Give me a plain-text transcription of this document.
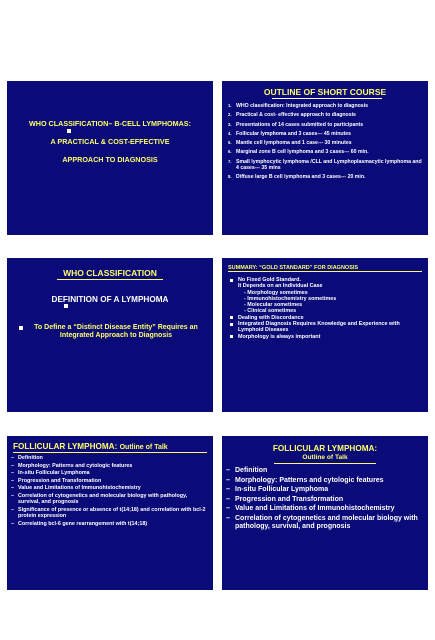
WHO CLASSIFICATION– B-CELL LYMPHOMAS:
A PRACTICAL & COST-EFFECTIVE
APPROACH TO DIAGNOSIS
OUTLINE OF SHORT COURSE
1. WHO classification: Integrated approach to diagnosis
2. Practical & cost- effective approach to diagnosis
3. Presentations of 14 cases submitted to participants
4. Follicular lymphoma and 3 cases--- 45 minutes
5. Mantle cell lymphoma and 1 case--- 30 minutes
6. Marginal zone B cell lymphoma and 3 cases--- 60 min.
7. Small lymphocytic lymphoma /CLL and Lymphoplasmacytic lymphoma and 4 cases--- 35 mins
8. Diffuse large B cell lymphoma and 3 cases--- 20 min.
WHO CLASSIFICATION
DEFINITION OF A LYMPHOMA
To Define a “Distinct Disease Entity” Requires an Integrated Approach to Diagnosis
SUMMARY: “GOLD STANDARD” FOR DIAGNOSIS
No Fixed Gold Standard.
It Depends on an Individual Case
- Morphology sometimes
- Immunohistochemistry sometimes
- Molecular sometimes
- Clinical sometimes
Dealing with Discordance
Integrated Diagnosis Requires Knowledge and Experience with Lymphoid Diseases
Morphology is always important
FOLLICULAR LYMPHOMA: Outline of Talk
– Definition
– Morphology: Patterns and cytologic features
– In-situ Follicular Lymphoma
– Progression and Transformation
– Value and Limitations of Immunohistochemistry
– Correlation of cytogenetics and molecular biology with pathology, survival, and prognosis
– Significance of presence or absence of t(14;18) and correlation with bcl-2 protein expression
– Correlating bcl-6 gene rearrangement with t(14;18)
FOLLICULAR LYMPHOMA:
Outline of Talk
– Definition
– Morphology: Patterns and cytologic features
– In-situ Follicular Lymphoma
– Progression and Transformation
– Value and Limitations of Immunohistochemistry
– Correlation of cytogenetics and molecular biology with pathology, survival, and prognosis
